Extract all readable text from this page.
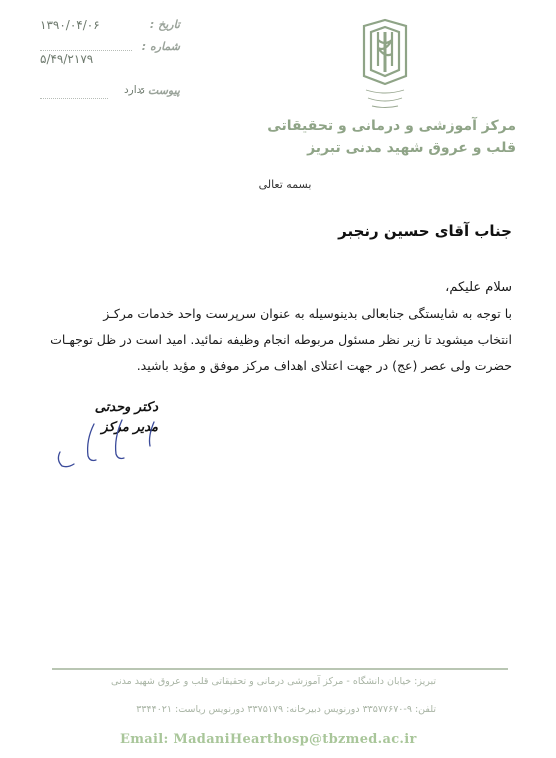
۱۳۹۰/۰۴/۰۶	تاریخ :
۵/۴۹/۲۱۷۹
شماره :
ندارد
پیوست :
مرکز آموزشی و درمانی و تحقیقاتی
قلب و عروق شهید مدنی تبریز
بسمه تعالی
جناب آقای حسین رنجبر
سلام علیکم،
با توجه به شایستگی جنابعالی بدینوسیله به عنوان سرپرست واحد خدمات مرکـز
انتخاب میشوید تا زیر نظر مسئول مربوطه انجام وظیفه نمائید. امید است در ظل توجهـات
حضرت ولی عصر (عج) در جهت اعتلای اهداف مرکز موفق و مؤید باشید.
دکتر وحدتی
مدیر مرکز
تبریز: خیابان دانشگاه - مرکز آموزشی درمانی و تحقیقاتی قلب و عروق شهید مدنی
تلفن: ۹-۳۳۵۷۷۶۷۰ دورنویس دبیرخانه: ۳۳۷۵۱۷۹ دورنویس ریاست: ۳۳۴۴۰۲۱
Email: MadaniHearthosp@tbzmed.ac.ir
